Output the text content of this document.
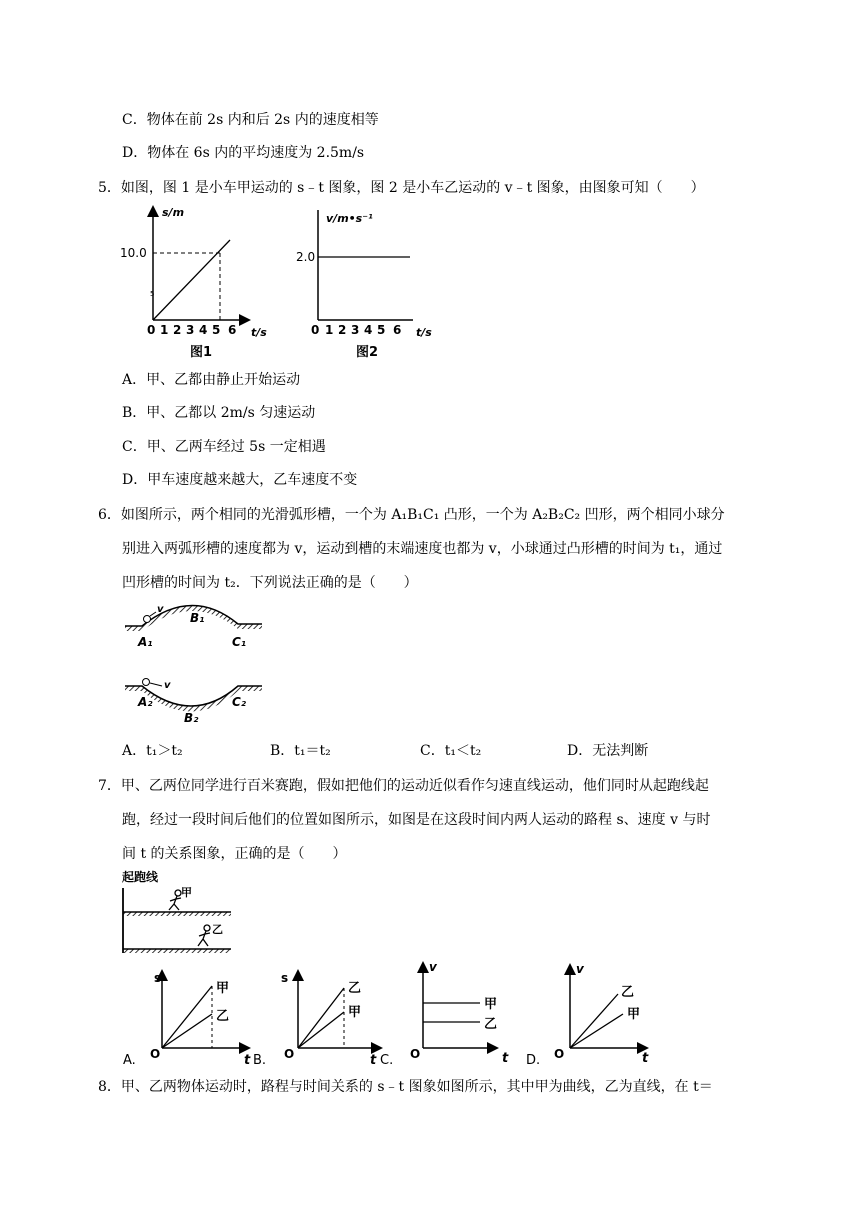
C．物体在前 2s 内和后 2s 内的速度相等
D．物体在 6s 内的平均速度为 2.5m/s
5．如图，图 1 是小车甲运动的 s﹣t 图象，图 2 是小车乙运动的 v﹣t 图象，由图象可知（　　）
s/m
10.0
5
0 1 2 3 4 5 6 t/s
图1
v/m•s⁻¹
2.0
0 1 2 3 4 5 6 t/s
图2
A．甲、乙都由静止开始运动
B．甲、乙都以 2m/s 匀速运动
C．甲、乙两车经过 5s 一定相遇
D．甲车速度越来越大，乙车速度不变
6．如图所示，两个相同的光滑弧形槽，一个为 A₁B₁C₁ 凸形，一个为 A₂B₂C₂ 凹形，两个相同小球分
别进入两弧形槽的速度都为 v，运动到槽的末端速度也都为 v，小球通过凸形槽的时间为 t₁，通过
凹形槽的时间为 t₂．下列说法正确的是（　　）
v
A₁
B₁
C₁
v
A₂
B₂
C₂
A．t₁＞t₂	B．t₁＝t₂	C．t₁＜t₂	D．无法判断
7．甲、乙两位同学进行百米赛跑，假如把他们的运动近似看作匀速直线运动，他们同时从起跑线起
跑，经过一段时间后他们的位置如图所示，如图是在这段时间内两人运动的路程 s、速度 v 与时
间 t 的关系图象，正确的是（　　）
起跑线
甲
乙
A.
s
O	t
甲
乙
B.
s
O	t
乙
甲
C.
v
O	t
甲
乙
D.
v
O	t
乙
甲
8．甲、乙两物体运动时，路程与时间关系的 s﹣t 图象如图所示，其中甲为曲线，乙为直线，在 t＝
